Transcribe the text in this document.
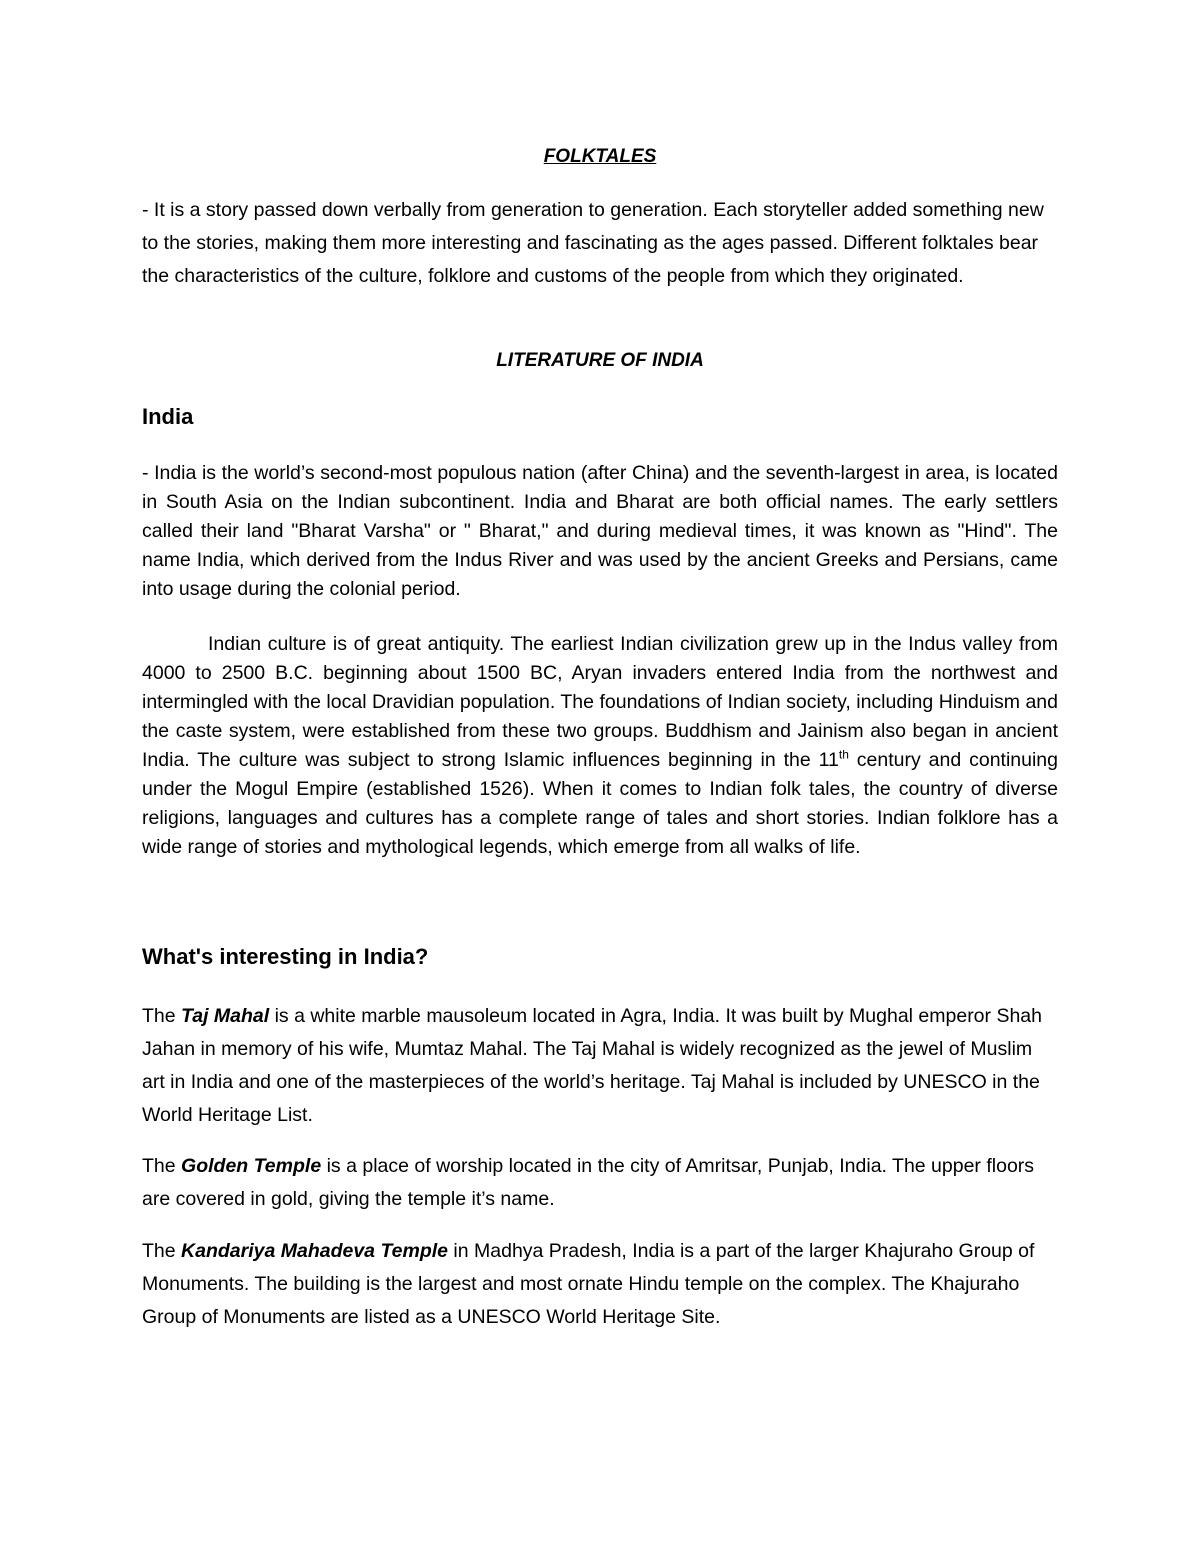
FOLKTALES

- It is a story passed down verbally from generation to generation. Each storyteller added something new to the stories, making them more interesting and fascinating as the ages passed. Different folktales bear the characteristics of the culture, folklore and customs of the people from which they originated.

LITERATURE OF INDIA
India

- India is the world’s second-most populous nation (after China) and the seventh-largest in area, is located in South Asia on the Indian subcontinent. India and Bharat are both official names. The early settlers called their land "Bharat Varsha" or " Bharat," and during medieval times, it was known as "Hind". The name India, which derived from the Indus River and was used by the ancient Greeks and Persians, came into usage during the colonial period.

Indian culture is of great antiquity. The earliest Indian civilization grew up in the Indus valley from 4000 to 2500 B.C. beginning about 1500 BC, Aryan invaders entered India from the northwest and intermingled with the local Dravidian population. The foundations of Indian society, including Hinduism and the caste system, were established from these two groups. Buddhism and Jainism also began in ancient India. The culture was subject to strong Islamic influences beginning in the 11th century and continuing under the Mogul Empire (established 1526). When it comes to Indian folk tales, the country of diverse religions, languages and cultures has a complete range of tales and short stories. Indian folklore has a wide range of stories and mythological legends, which emerge from all walks of life.

What's interesting in India?

The Taj Mahal is a white marble mausoleum located in Agra, India. It was built by Mughal emperor Shah Jahan in memory of his wife, Mumtaz Mahal. The Taj Mahal is widely recognized as the jewel of Muslim art in India and one of the masterpieces of the world’s heritage. Taj Mahal is included by UNESCO in the World Heritage List.

The Golden Temple is a place of worship located in the city of Amritsar, Punjab, India. The upper floors are covered in gold, giving the temple it’s name.

The Kandariya Mahadeva Temple in Madhya Pradesh, India is a part of the larger Khajuraho Group of Monuments. The building is the largest and most ornate Hindu temple on the complex. The Khajuraho Group of Monuments are listed as a UNESCO World Heritage Site.
